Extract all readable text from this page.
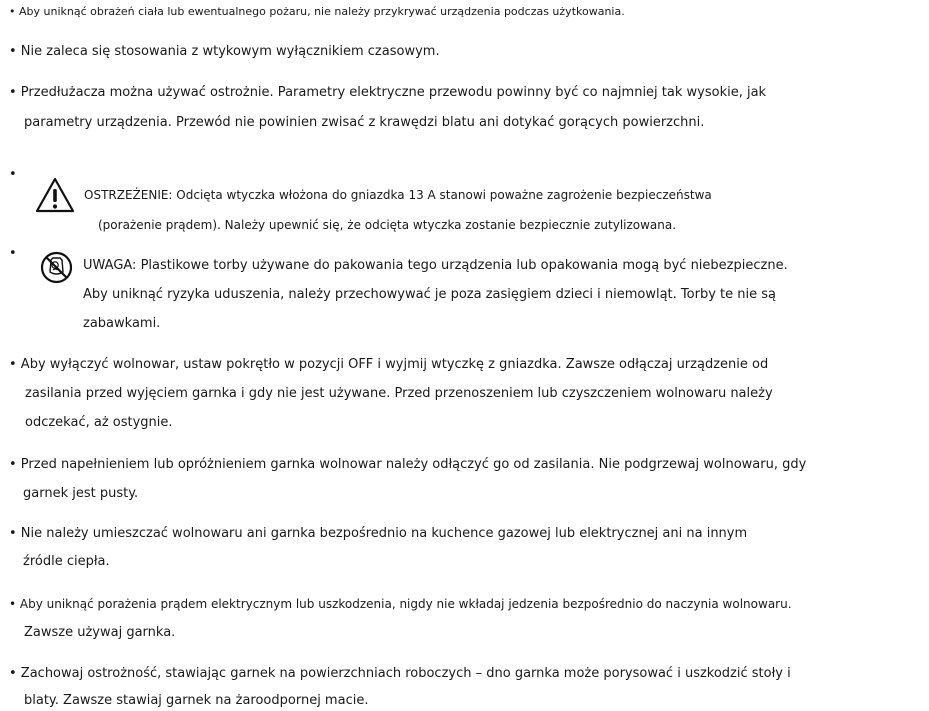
• Aby uniknąć obrażeń ciała lub ewentualnego pożaru, nie należy przykrywać urządzenia podczas użytkowania.
• Nie zaleca się stosowania z wtykowym wyłącznikiem czasowym.
• Przedłużacza można używać ostrożnie. Parametry elektryczne przewodu powinny być co najmniej tak wysokie, jak
parametry urządzenia. Przewód nie powinien zwisać z krawędzi blatu ani dotykać gorących powierzchni.
•
OSTRZEŻENIE: Odcięta wtyczka włożona do gniazdka 13 A stanowi poważne zagrożenie bezpieczeństwa
(porażenie prądem). Należy upewnić się, że odcięta wtyczka zostanie bezpiecznie zutylizowana.
•
UWAGA: Plastikowe torby używane do pakowania tego urządzenia lub opakowania mogą być niebezpieczne.
Aby uniknąć ryzyka uduszenia, należy przechowywać je poza zasięgiem dzieci i niemowląt. Torby te nie są
zabawkami.
• Aby wyłączyć wolnowar, ustaw pokrętło w pozycji OFF i wyjmij wtyczkę z gniazdka. Zawsze odłączaj urządzenie od
zasilania przed wyjęciem garnka i gdy nie jest używane. Przed przenoszeniem lub czyszczeniem wolnowaru należy
odczekać, aż ostygnie.
• Przed napełnieniem lub opróżnieniem garnka wolnowar należy odłączyć go od zasilania. Nie podgrzewaj wolnowaru, gdy
garnek jest pusty.
• Nie należy umieszczać wolnowaru ani garnka bezpośrednio na kuchence gazowej lub elektrycznej ani na innym
źródle ciepła.
• Aby uniknąć porażenia prądem elektrycznym lub uszkodzenia, nigdy nie wkładaj jedzenia bezpośrednio do naczynia wolnowaru.
Zawsze używaj garnka.
• Zachowaj ostrożność, stawiając garnek na powierzchniach roboczych – dno garnka może porysować i uszkodzić stoły i
blaty. Zawsze stawiaj garnek na żaroodpornej macie.
